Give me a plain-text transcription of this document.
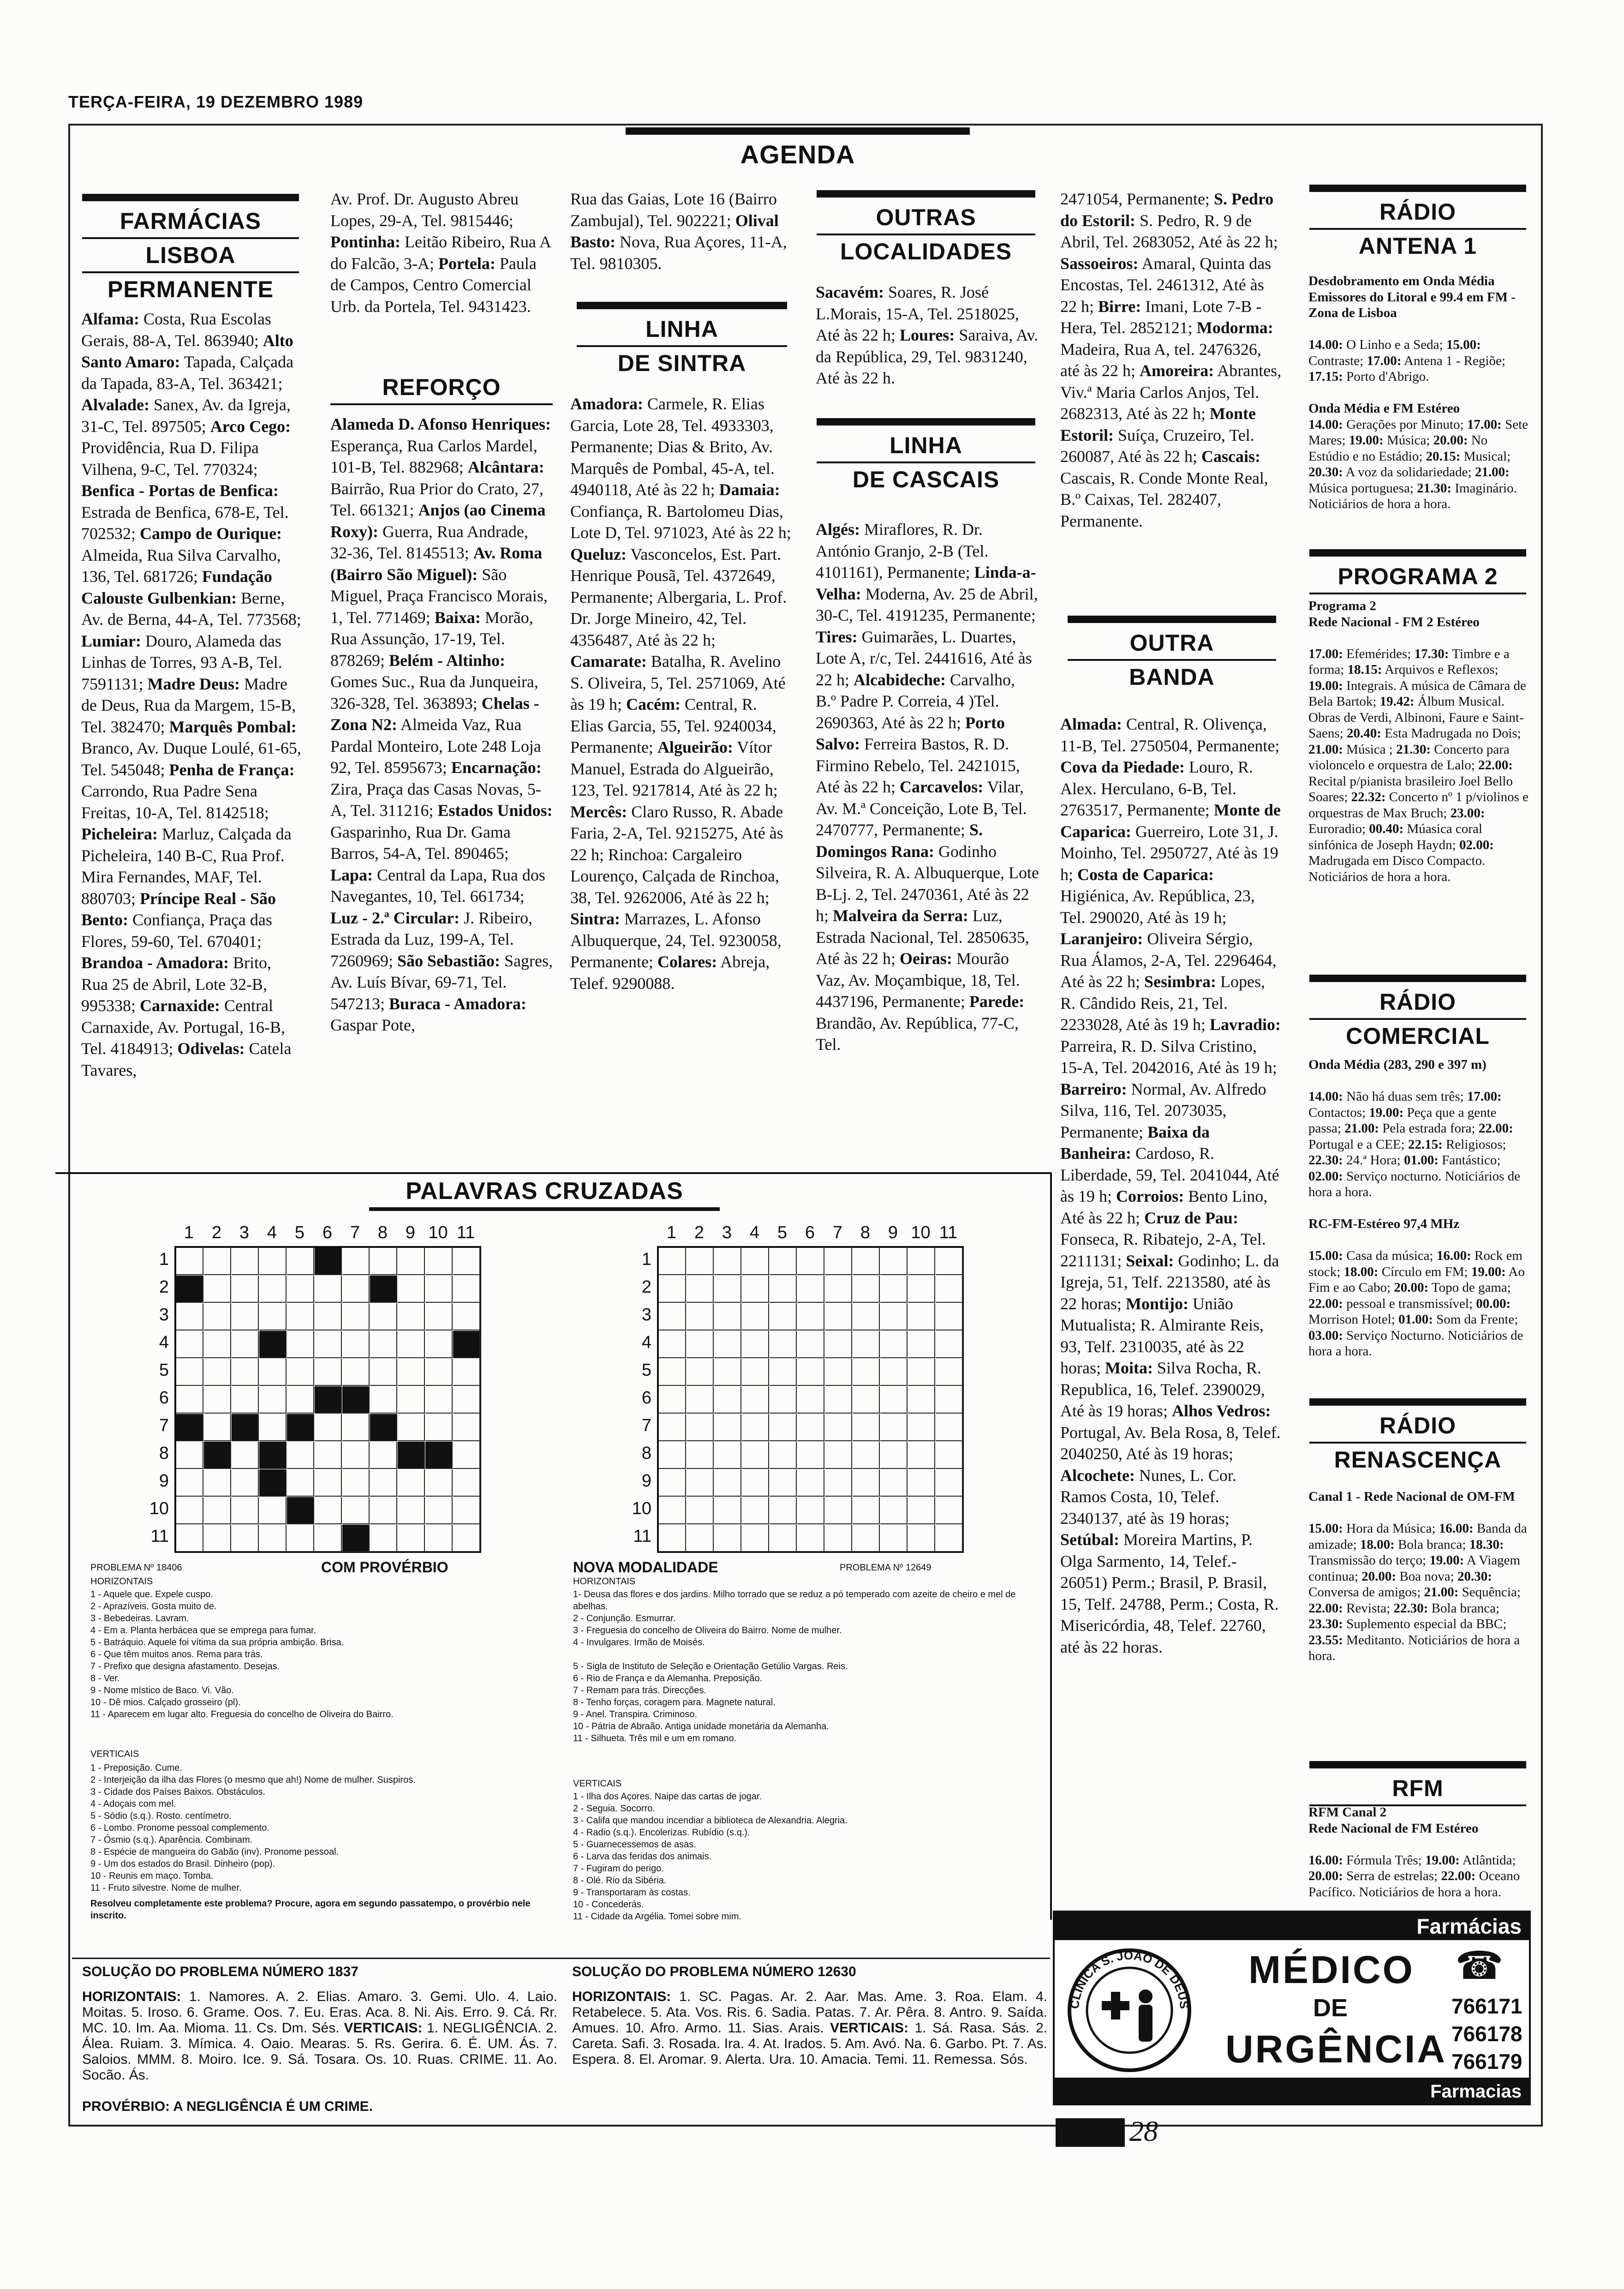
TERÇA-FEIRA, 19 DEZEMBRO 1989
AGENDA
FARMÁCIAS
LISBOA
PERMANENTE
Alfama: Costa, Rua Escolas Gerais, 88-A, Tel. 863940; Alto Santo Amaro: Tapada, Calçada da Tapada, 83-A, Tel. 363421; Alvalade: Sanex, Av. da Igreja, 31-C, Tel. 897505; Arco Cego: Providência, Rua D. Filipa Vilhena, 9-C, Tel. 770324; Benfica - Portas de Benfica: Estrada de Benfica, 678-E, Tel. 702532; Campo de Ourique: Almeida, Rua Silva Carvalho, 136, Tel. 681726; Fundação Calouste Gulbenkian: Berne, Av. de Berna, 44-A, Tel. 773568; Lumiar: Douro, Alameda das Linhas de Torres, 93 A-B, Tel. 7591131; Madre Deus: Madre de Deus, Rua da Margem, 15-B, Tel. 382470; Marquês Pombal: Branco, Av. Duque Loulé, 61-65, Tel. 545048; Penha de França: Carrondo, Rua Padre Sena Freitas, 10-A, Tel. 8142518; Picheleira: Marluz, Calçada da Picheleira, 140 B-C, Rua Prof. Mira Fernandes, MAF, Tel. 880703; Príncipe Real - São Bento: Confiança, Praça das Flores, 59-60, Tel. 670401; Brandoa - Amadora: Brito, Rua 25 de Abril, Lote 32-B, 995338; Carnaxide: Central Carnaxide, Av. Portugal, 16-B, Tel. 4184913; Odivelas: Catela Tavares,
Av. Prof. Dr. Augusto Abreu Lopes, 29-A, Tel. 9815446; Pontinha: Leitão Ribeiro, Rua A do Falcão, 3-A; Portela: Paula de Campos, Centro Comercial Urb. da Portela, Tel. 9431423.
REFORÇO
Alameda D. Afonso Henriques: Esperança, Rua Carlos Mardel, 101-B, Tel. 882968; Alcântara: Bairrão, Rua Prior do Crato, 27, Tel. 661321; Anjos (ao Cinema Roxy): Guerra, Rua Andrade, 32-36, Tel. 8145513; Av. Roma (Bairro São Miguel): São Miguel, Praça Francisco Morais, 1, Tel. 771469; Baixa: Morão, Rua Assunção, 17-19, Tel. 878269; Belém - Altinho: Gomes Suc., Rua da Junqueira, 326-328, Tel. 363893; Chelas - Zona N2: Almeida Vaz, Rua Pardal Monteiro, Lote 248 Loja 92, Tel. 8595673; Encarnação: Zira, Praça das Casas Novas, 5-A, Tel. 311216; Estados Unidos: Gasparinho, Rua Dr. Gama Barros, 54-A, Tel. 890465; Lapa: Central da Lapa, Rua dos Navegantes, 10, Tel. 661734; Luz - 2.ª Circular: J. Ribeiro, Estrada da Luz, 199-A, Tel. 7260969; São Sebastião: Sagres, Av. Luís Bívar, 69-71, Tel. 547213; Buraca - Amadora: Gaspar Pote,
Rua das Gaias, Lote 16 (Bairro Zambujal), Tel. 902221; Olival Basto: Nova, Rua Açores, 11-A, Tel. 9810305.
LINHA
DE SINTRA
Amadora: Carmele, R. Elias Garcia, Lote 28, Tel. 4933303, Permanente; Dias & Brito, Av. Marquês de Pombal, 45-A, tel. 4940118, Até às 22 h; Damaia: Confiança, R. Bartolomeu Dias, Lote D, Tel. 971023, Até às 22 h; Queluz: Vasconcelos, Est. Part. Henrique Pousã, Tel. 4372649, Permanente; Albergaria, L. Prof. Dr. Jorge Mineiro, 42, Tel. 4356487, Até às 22 h; Camarate: Batalha, R. Avelino S. Oliveira, 5, Tel. 2571069, Até às 19 h; Cacém: Central, R. Elias Garcia, 55, Tel. 9240034, Permanente; Algueirão: Vítor Manuel, Estrada do Algueirão, 123, Tel. 9217814, Até às 22 h; Mercês: Claro Russo, R. Abade Faria, 2-A, Tel. 9215275, Até às 22 h; Rinchoa: Cargaleiro Lourenço, Calçada de Rinchoa, 38, Tel. 9262006, Até às 22 h; Sintra: Marrazes, L. Afonso Albuquerque, 24, Tel. 9230058, Permanente; Colares: Abreja, Telef. 9290088.
OUTRAS
LOCALIDADES
Sacavém: Soares, R. José L.Morais, 15-A, Tel. 2518025, Até às 22 h; Loures: Saraiva, Av. da República, 29, Tel. 9831240, Até às 22 h.
LINHA
DE CASCAIS
Algés: Miraflores, R. Dr. António Granjo, 2-B (Tel. 4101161), Permanente; Linda-a-Velha: Moderna, Av. 25 de Abril, 30-C, Tel. 4191235, Permanente; Tires: Guimarães, L. Duartes, Lote A, r/c, Tel. 2441616, Até às 22 h; Alcabideche: Carvalho, B.º Padre P. Correia, 4 )Tel. 2690363, Até às 22 h; Porto Salvo: Ferreira Bastos, R. D. Firmino Rebelo, Tel. 2421015, Até às 22 h; Carcavelos: Vilar, Av. M.ª Conceição, Lote B, Tel. 2470777, Permanente; S. Domingos Rana: Godinho Silveira, R. A. Albuquerque, Lote B-Lj. 2, Tel. 2470361, Até às 22 h; Malveira da Serra: Luz, Estrada Nacional, Tel. 2850635, Até às 22 h; Oeiras: Mourão Vaz, Av. Moçambique, 18, Tel. 4437196, Permanente; Parede: Brandão, Av. República, 77-C, Tel.
2471054, Permanente; S. Pedro do Estoril: S. Pedro, R. 9 de Abril, Tel. 2683052, Até às 22 h; Sassoeiros: Amaral, Quinta das Encostas, Tel. 2461312, Até às 22 h; Birre: Imani, Lote 7-B - Hera, Tel. 2852121; Modorma: Madeira, Rua A, tel. 2476326, até às 22 h; Amoreira: Abrantes, Viv.ª Maria Carlos Anjos, Tel. 2682313, Até às 22 h; Monte Estoril: Suíça, Cruzeiro, Tel. 260087, Até às 22 h; Cascais: Cascais, R. Conde Monte Real, B.º Caixas, Tel. 282407, Permanente.
OUTRA
BANDA
Almada: Central, R. Olivença, 11-B, Tel. 2750504, Permanente; Cova da Piedade: Louro, R. Alex. Herculano, 6-B, Tel. 2763517, Permanente; Monte de Caparica: Guerreiro, Lote 31, J. Moinho, Tel. 2950727, Até às 19 h; Costa de Caparica: Higiénica, Av. República, 23, Tel. 290020, Até às 19 h; Laranjeiro: Oliveira Sérgio, Rua Álamos, 2-A, Tel. 2296464, Até às 22 h; Sesimbra: Lopes, R. Cândido Reis, 21, Tel. 2233028, Até às 19 h; Lavradio: Parreira, R. D. Silva Cristino, 15-A, Tel. 2042016, Até às 19 h; Barreiro: Normal, Av. Alfredo Silva, 116, Tel. 2073035, Permanente; Baixa da Banheira: Cardoso, R. Liberdade, 59, Tel. 2041044, Até às 19 h; Corroios: Bento Lino, Até às 22 h; Cruz de Pau: Fonseca, R. Ribatejo, 2-A, Tel. 2211131; Seixal: Godinho; L. da Igreja, 51, Telf. 2213580, até às 22 horas; Montijo: União Mutualista; R. Almirante Reis, 93, Telf. 2310035, até às 22 horas; Moita: Silva Rocha, R. Republica, 16, Telef. 2390029, Até às 19 horas; Alhos Vedros: Portugal, Av. Bela Rosa, 8, Telef. 2040250, Até às 19 horas; Alcochete: Nunes, L. Cor. Ramos Costa, 10, Telef. 2340137, até às 19 horas; Setúbal: Moreira Martins, P. Olga Sarmento, 14, Telef.- 26051) Perm.; Brasil, P. Brasil, 15, Telf. 24788, Perm.; Costa, R. Misericórdia, 48, Telef. 22760, até às 22 horas.
RÁDIO
ANTENA 1
Desdobramento em Onda Média Emissores do Litoral e 99.4 em FM - Zona de Lisboa

14.00: O Linho e a Seda; 15.00: Contraste; 17.00: Antena 1 - Regiõe; 17.15: Porto d'Abrigo.

Onda Média e FM Estéreo
14.00: Gerações por Minuto; 17.00: Sete Mares; 19.00: Música; 20.00: No Estúdio e no Estádio; 20.15: Musical; 20.30: A voz da solidariedade; 21.00: Música portuguesa; 21.30: Imaginário. Noticiários de hora a hora.
PROGRAMA 2
Programa 2
Rede Nacional - FM 2 Estéreo

17.00: Efemérides; 17.30: Timbre e a forma; 18.15: Arquivos e Reflexos; 19.00: Integrais. A música de Câmara de Bela Bartok; 19.42: Álbum Musical. Obras de Verdi, Albinoni, Faure e Saint-Saens; 20.40: Esta Madrugada no Dois; 21.00: Música ; 21.30: Concerto para violoncelo e orquestra de Lalo; 22.00: Recital p/pianista brasileiro Joel Bello Soares; 22.32: Concerto nº 1 p/violinos e orquestras de Max Bruch; 23.00: Euroradio; 00.40: Múasica coral sinfónica de Joseph Haydn; 02.00: Madrugada em Disco Compacto. Noticiários de hora a hora.
RÁDIO
COMERCIAL
Onda Média (283, 290 e 397 m)

14.00: Não há duas sem três; 17.00: Contactos; 19.00: Peça que a gente passa; 21.00: Pela estrada fora; 22.00: Portugal e a CEE; 22.15: Religiosos; 22.30: 24.ª Hora; 01.00: Fantástico; 02.00: Serviço nocturno. Noticiários de hora a hora.

RC-FM-Estéreo 97,4 MHz

15.00: Casa da música; 16.00: Rock em stock; 18.00: Círculo em FM; 19.00: Ao Fim e ao Cabo; 20.00: Topo de gama; 22.00: pessoal e transmissível; 00.00: Morrison Hotel; 01.00: Som da Frente; 03.00: Serviço Nocturno. Noticiários de hora a hora.
RÁDIO
RENASCENÇA
Canal 1 - Rede Nacional de OM-FM

15.00: Hora da Música; 16.00: Banda da amizade; 18.00: Bola branca; 18.30: Transmissão do terço; 19.00: A Viagem continua; 20.00: Boa nova; 20.30: Conversa de amigos; 21.00: Sequência; 22.00: Revista; 22.30: Bola branca; 23.30: Suplemento especial da BBC; 23.55: Meditanto. Noticiários de hora a hora.
RFM
RFM Canal 2
Rede Nacional de FM Estéreo

16.00: Fórmula Três; 19.00: Atlântida; 20.00: Serra de estrelas; 22.00: Oceano Pacífico. Noticiários de hora a hora.
PALAVRAS CRUZADAS
1
1
2
2
3
3
4
4
5
5
6
6
7
7
8
8
9
9
10
10
11
11
1
1
2
2
3
3
4
4
5
5
6
6
7
7
8
8
9
9
10
10
11
11
PROBLEMA Nº 18406	COM PROVÉRBIO
HORIZONTAIS
1 - Aquele que. Expele cuspo.
2 - Aprazíveis. Gosta muito de.
3 - Bebedeiras. Lavram.
4 - Em a. Planta herbácea que se emprega para fumar.
5 - Batráquio. Aquele foi vítima da sua própria ambição. Brisa.
6 - Que têm muitos anos. Rema para trás.
7 - Prefixo que designa afastamento. Desejas.
8 - Ver.
9 - Nome místico de Baco. Vi. Vão.
10 - Dê mios. Calçado grosseiro (pl).
11 - Aparecem em lugar alto. Freguesia do concelho de Oliveira do Bairro.
VERTICAIS
1 - Preposição. Cume.
2 - Interjeição da ilha das Flores (o mesmo que ah!) Nome de mulher. Suspiros.
3 - Cidade dos Países Baixos. Obstáculos.
4 - Adoçais com mel.
5 - Sódio (s.q.). Rosto. centímetro.
6 - Lombo. Pronome pessoal complemento.
7 - Ósmio (s.q.). Aparência. Combinam.
8 - Espécie de mangueira do Gabão (inv). Pronome pessoal.
9 - Um dos estados do Brasil. Dinheiro (pop).
10 - Reunis em maço. Tomba.
11 - Fruto silvestre. Nome de mulher.
Resolveu completamente este problema? Procure, agora em segundo passatempo, o provérbio nele inscrito.
NOVA MODALIDADE	PROBLEMA Nº 12649
HORIZONTAIS
1- Deusa das flores e dos jardins. Milho torrado que se reduz a pó temperado com azeite de cheiro e mel de abelhas.
2 - Conjunção. Esmurrar.
3 - Freguesia do concelho de Oliveira do Bairro. Nome de mulher.
4 - Invulgares. Irmão de Moisés.

5 - Sigla de Instituto de Seleção e Orientação Getúlio Vargas. Reis.
6 - Rio de França e da Alemanha. Preposição.
7 - Remam para trás. Direcções.
8 - Tenho forças, coragem para. Magnete natural.
9 - Anel. Transpira. Criminoso.
10 - Pátria de Abraão. Antiga unidade monetária da Alemanha.
11 - Silhueta. Três mil e um em romano.
VERTICAIS
1 - Ilha dos Açores. Naipe das cartas de jogar.
2 - Seguia. Socorro.
3 - Califa que mandou incendiar a biblioteca de Alexandria. Alegria.
4 - Radio (s.q.). Encolerizas. Rubídio (s.q.).
5 - Guarnecessemos de asas.
6 - Larva das feridas dos animais.
7 - Fugiram do perigo.
8 - Olé. Rio da Sibéria.
9 - Transportaram às costas.
10 - Concederás.
11 - Cidade da Argélia. Tomei sobre mim.
SOLUÇÃO DO PROBLEMA NÚMERO 1837
HORIZONTAIS: 1. Namores. A. 2. Elias. Amaro. 3. Gemi. Ulo. 4. Laio. Moitas. 5. Iroso. 6. Grame. Oos. 7. Eu. Eras. Aca. 8. Ni. Ais. Erro. 9. Cá. Rr. MC. 10. Im. Aa. Mioma. 11. Cs. Dm. Sés. VERTICAIS: 1. NEGLIGÊNCIA. 2. Álea. Ruiam. 3. Mímica. 4. Oaio. Mearas. 5. Rs. Gerira. 6. É. UM. Ás. 7. Saloios. MMM. 8. Moiro. Ice. 9. Sá. Tosara. Os. 10. Ruas. CRIME. 11. Ao. Socão. Ás.
PROVÉRBIO: A NEGLIGÊNCIA É UM CRIME.
SOLUÇÃO DO PROBLEMA NÚMERO 12630
HORIZONTAIS: 1. SC. Pagas. Ar. 2. Aar. Mas. Ame. 3. Roa. Elam. 4. Retabelece. 5. Ata. Vos. Ris. 6. Sadia. Patas. 7. Ar. Pêra. 8. Antro. 9. Saída. Amues. 10. Afro. Armo. 11. Sias. Arais. VERTICAIS: 1. Sá. Rasa. Sás. 2. Careta. Safi. 3. Rosada. Ira. 4. At. Irados. 5. Am. Avó. Na. 6. Garbo. Pt. 7. As. Espera. 8. El. Aromar. 9. Alerta. Ura. 10. Amacia. Temi. 11. Remessa. Sós.
Farmácias
CLÍNICA S. JOÃO DE DEUS
MÉDICO
DE
URGÊNCIA
☎
766171
766178
766179
Farmacias
28
